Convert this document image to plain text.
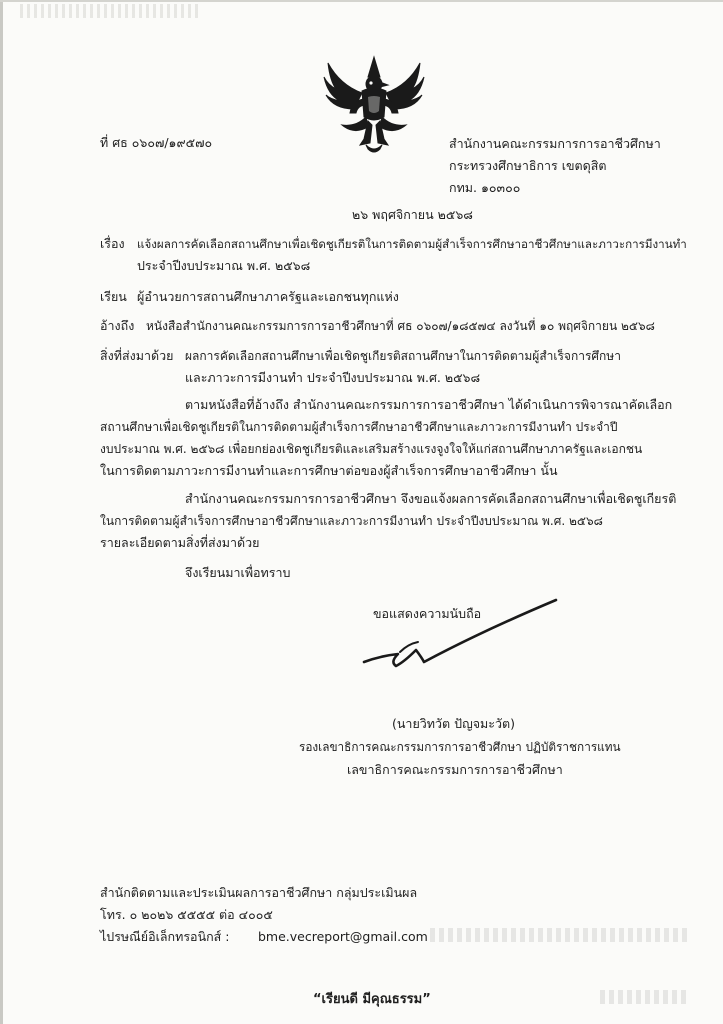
ที่ ศธ ๐๖๐๗/๑๙๕๗๐	สำนักงานคณะกรรมการการอาชีวศึกษา
กระทรวงศึกษาธิการ เขตดุสิต
กทม. ๑๐๓๐๐
๒๖ พฤศจิกายน ๒๕๖๘
เรื่อง แจ้งผลการคัดเลือกสถานศึกษาเพื่อเชิดชูเกียรติในการติดตามผู้สำเร็จการศึกษาอาชีวศึกษาและภาวะการมีงานทำ
ประจำปีงบประมาณ พ.ศ. ๒๕๖๘
เรียน ผู้อำนวยการสถานศึกษาภาครัฐและเอกชนทุกแห่ง
อ้างถึง หนังสือสำนักงานคณะกรรมการการอาชีวศึกษาที่ ศธ ๐๖๐๗/๑๘๕๗๔ ลงวันที่ ๑๐ พฤศจิกายน ๒๕๖๘
สิ่งที่ส่งมาด้วย ผลการคัดเลือกสถานศึกษาเพื่อเชิดชูเกียรติสถานศึกษาในการติดตามผู้สำเร็จการศึกษา
และภาวะการมีงานทำ ประจำปีงบประมาณ พ.ศ. ๒๕๖๘
ตามหนังสือที่อ้างถึง สำนักงานคณะกรรมการการอาชีวศึกษา ได้ดำเนินการพิจารณาคัดเลือก
สถานศึกษาเพื่อเชิดชูเกียรติในการติดตามผู้สำเร็จการศึกษาอาชีวศึกษาและภาวะการมีงานทำ ประจำปี
งบประมาณ พ.ศ. ๒๕๖๘ เพื่อยกย่องเชิดชูเกียรติและเสริมสร้างแรงจูงใจให้แก่สถานศึกษาภาครัฐและเอกชน
ในการติดตามภาวะการมีงานทำและการศึกษาต่อของผู้สำเร็จการศึกษาอาชีวศึกษา นั้น
สำนักงานคณะกรรมการการอาชีวศึกษา จึงขอแจ้งผลการคัดเลือกสถานศึกษาเพื่อเชิดชูเกียรติ
ในการติดตามผู้สำเร็จการศึกษาอาชีวศึกษาและภาวะการมีงานทำ ประจำปีงบประมาณ พ.ศ. ๒๕๖๘
รายละเอียดตามสิ่งที่ส่งมาด้วย
จึงเรียนมาเพื่อทราบ
ขอแสดงความนับถือ
(นายวิทวัต ปัญจมะวัต)
รองเลขาธิการคณะกรรมการการอาชีวศึกษา ปฏิบัติราชการแทน
เลขาธิการคณะกรรมการการอาชีวศึกษา
สำนักติดตามและประเมินผลการอาชีวศึกษา กลุ่มประเมินผล
โทร. ๐ ๒๐๒๖ ๕๕๕๕ ต่อ ๔๐๐๕
ไปรษณีย์อิเล็กทรอนิกส์ : bme.vecreport@gmail.com
“เรียนดี มีคุณธรรม”
